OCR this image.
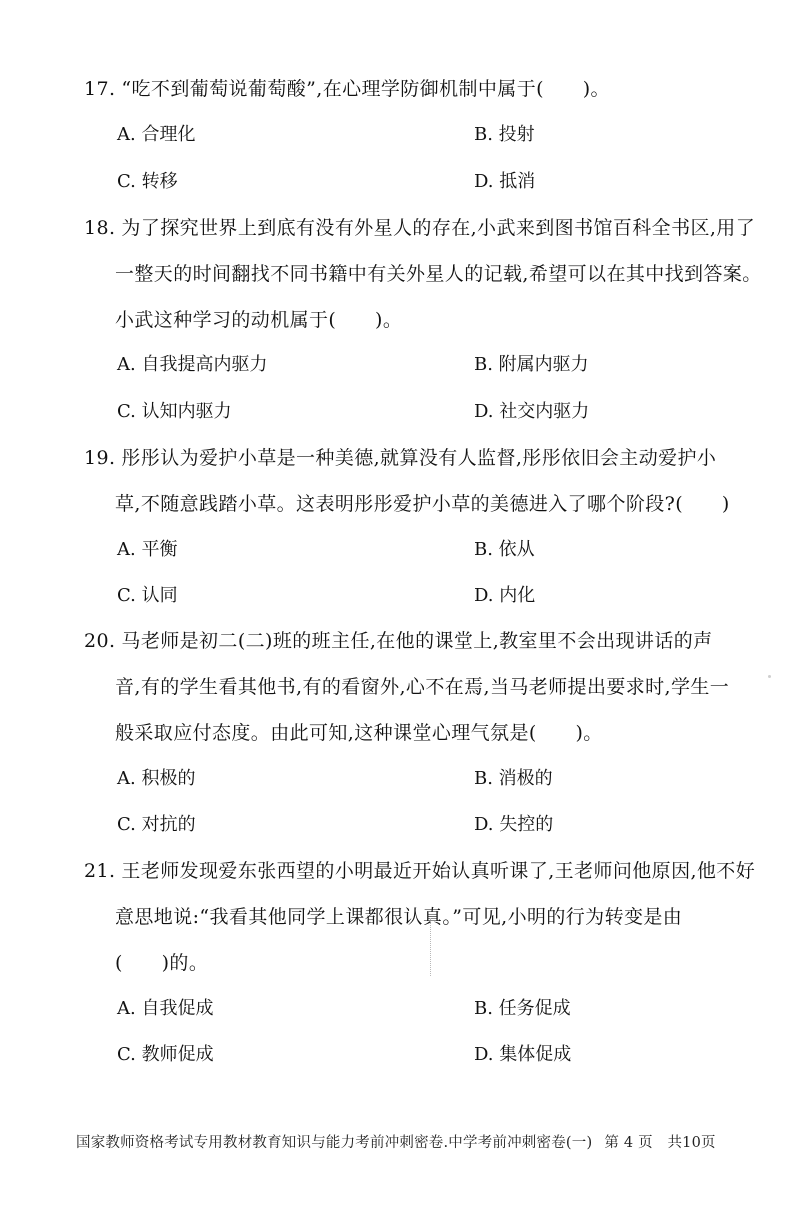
17. “吃不到葡萄说葡萄酸”,在心理学防御机制中属于(　　)。
A. 合理化	B. 投射
C. 转移	D. 抵消
18. 为了探究世界上到底有没有外星人的存在,小武来到图书馆百科全书区,用了
一整天的时间翻找不同书籍中有关外星人的记载,希望可以在其中找到答案。
小武这种学习的动机属于(　　)。
A. 自我提高内驱力	B. 附属内驱力
C. 认知内驱力	D. 社交内驱力
19. 彤彤认为爱护小草是一种美德,就算没有人监督,彤彤依旧会主动爱护小
草,不随意践踏小草。这表明彤彤爱护小草的美德进入了哪个阶段?(　　)
A. 平衡	B. 依从
C. 认同	D. 内化
20. 马老师是初二(二)班的班主任,在他的课堂上,教室里不会出现讲话的声
音,有的学生看其他书,有的看窗外,心不在焉,当马老师提出要求时,学生一
般采取应付态度。由此可知,这种课堂心理气氛是(　　)。
A. 积极的	B. 消极的
C. 对抗的	D. 失控的
21. 王老师发现爱东张西望的小明最近开始认真听课了,王老师问他原因,他不好
意思地说:“我看其他同学上课都很认真。”可见,小明的行为转变是由
(　　)的。
A. 自我促成	B. 任务促成
C. 教师促成	D. 集体促成
国家教师资格考试专用教材教育知识与能力考前冲刺密卷.中学考前冲刺密卷(一) 第 4 页　共10页
